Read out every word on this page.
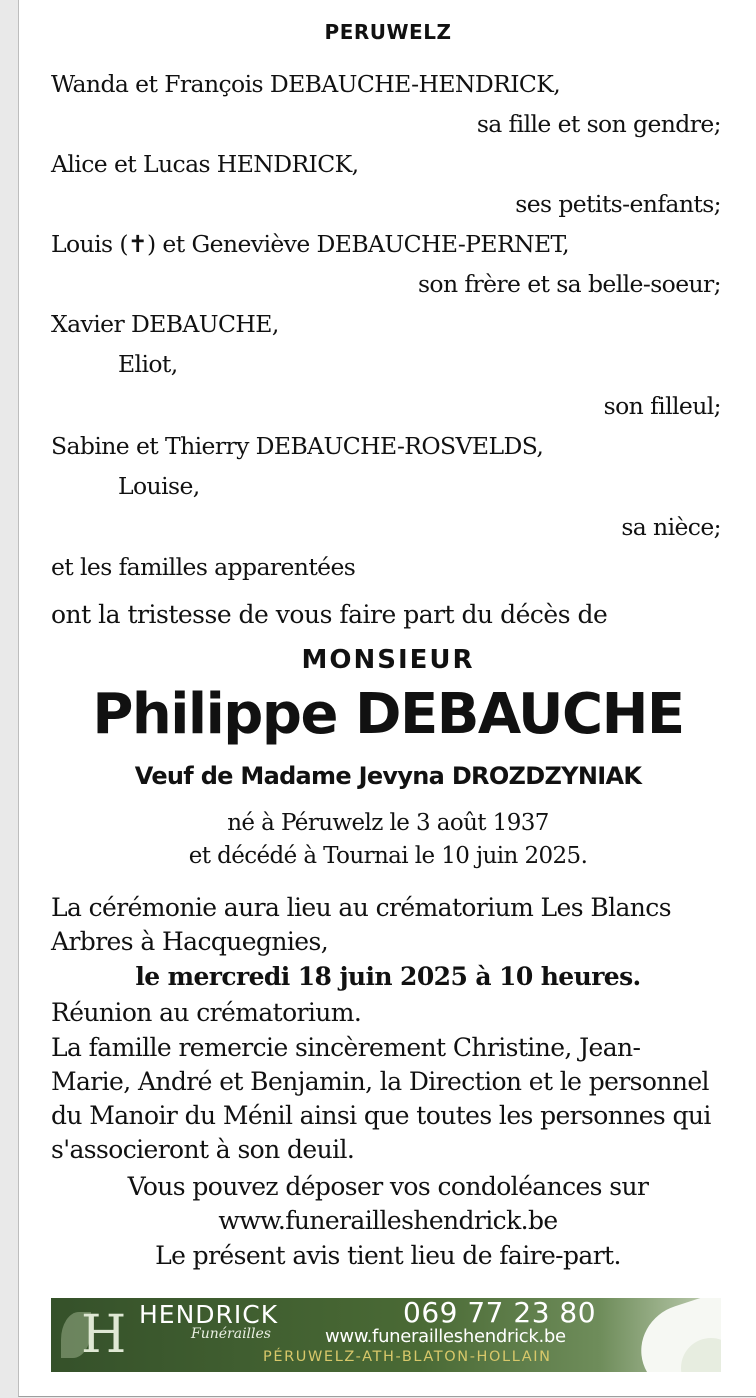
PERUWELZ
Wanda et François DEBAUCHE-HENDRICK,
sa fille et son gendre;
Alice et Lucas HENDRICK,
ses petits-enfants;
Louis (✝) et Geneviève DEBAUCHE-PERNET,
son frère et sa belle-soeur;
Xavier DEBAUCHE,
Eliot,
son filleul;
Sabine et Thierry DEBAUCHE-ROSVELDS,
Louise,
sa nièce;
et les familles apparentées
ont la tristesse de vous faire part du décès de
MONSIEUR
Philippe DEBAUCHE
Veuf de Madame Jevyna DROZDZYNIAK
né à Péruwelz le 3 août 1937
et décédé à Tournai le 10 juin 2025.
La cérémonie aura lieu au crématorium Les Blancs
Arbres à Hacquegnies,
le mercredi 18 juin 2025 à 10 heures.
Réunion au crématorium.
La famille remercie sincèrement Christine, Jean-
Marie, André et Benjamin, la Direction et le personnel
du Manoir du Ménil ainsi que toutes les personnes qui
s'associeront à son deuil.
Vous pouvez déposer vos condoléances sur
www.funerailleshendrick.be
Le présent avis tient lieu de faire-part.
H HENDRICK
Funérailles
069 77 23 80
www.funerailleshendrick.be
PÉRUWELZ-ATH-BLATON-HOLLAIN
